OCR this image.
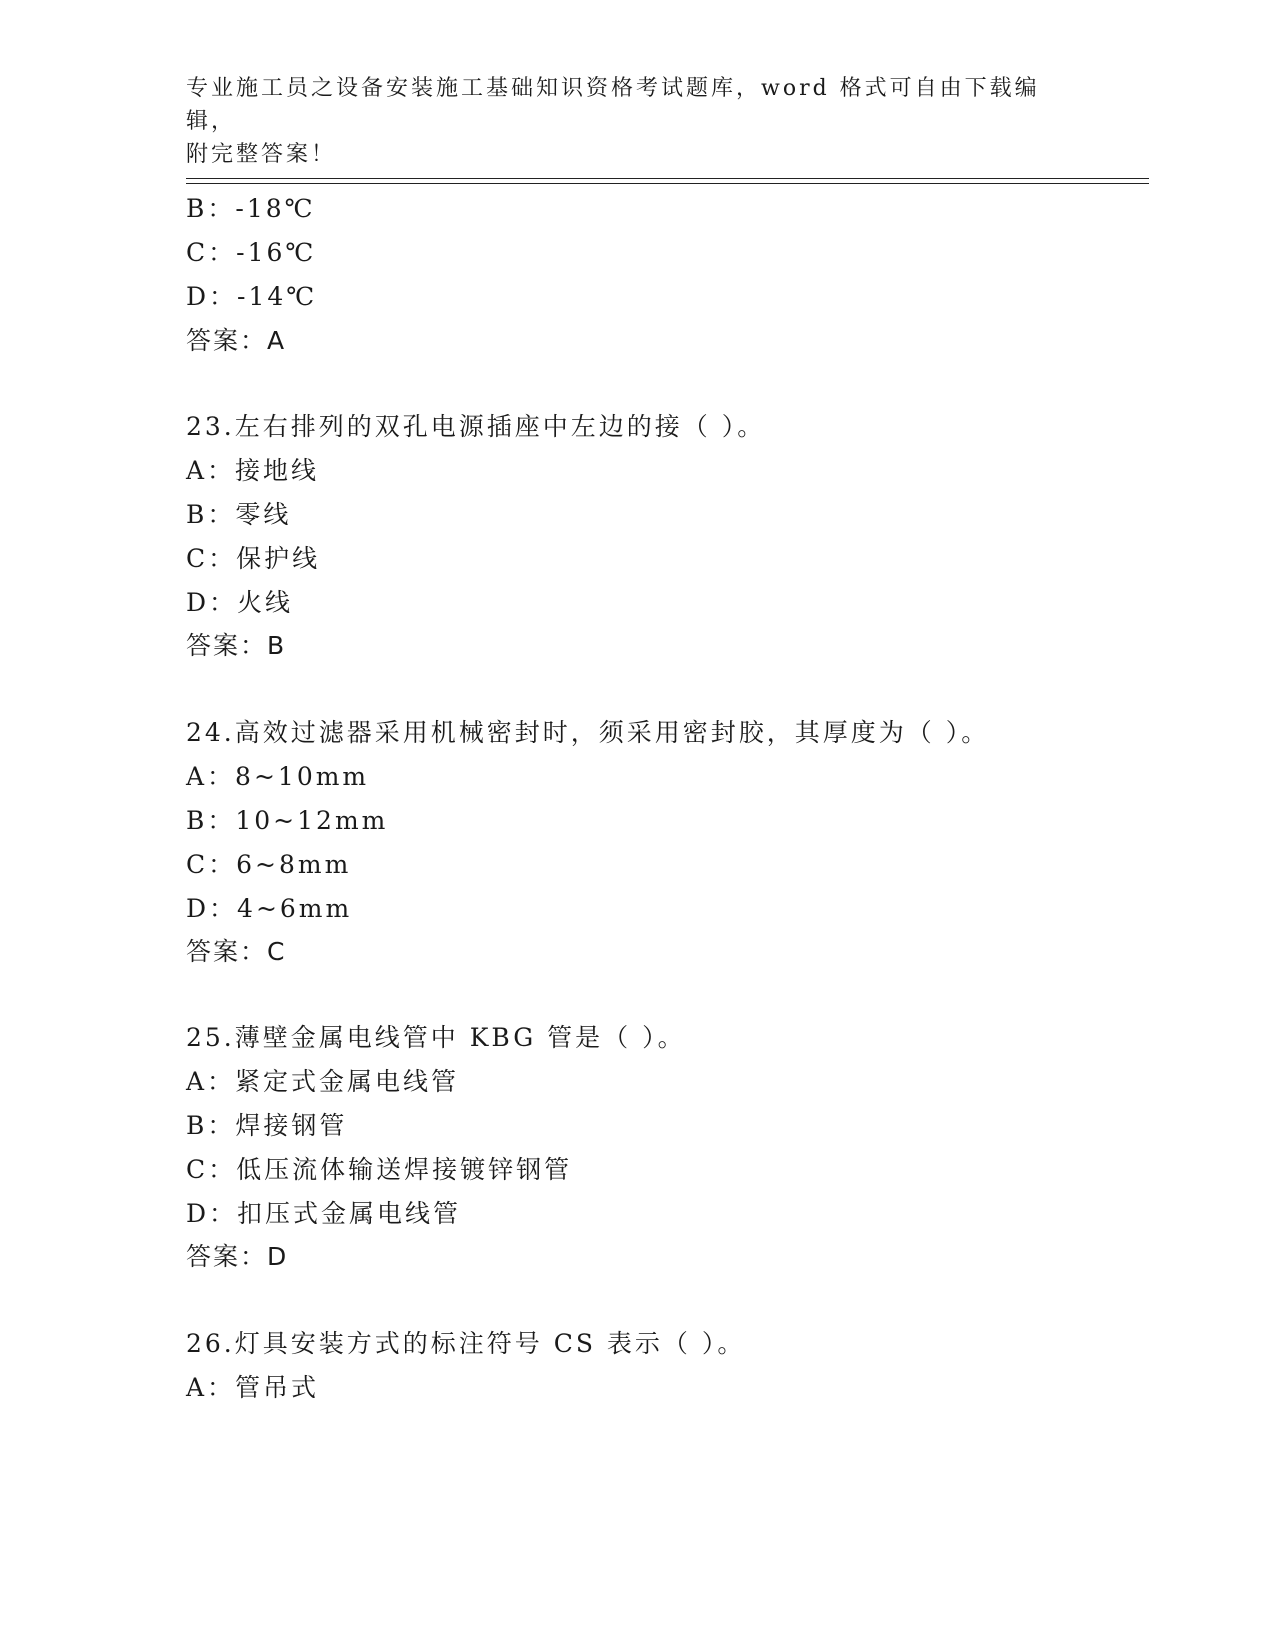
专业施工员之设备安装施工基础知识资格考试题库，word 格式可自由下载编辑，
附完整答案！
B：-18℃
C：-16℃
D：-14℃
答案：A
23.左右排列的双孔电源插座中左边的接（ ）。
A：接地线
B：零线
C：保护线
D：火线
答案：B
24.高效过滤器采用机械密封时，须采用密封胶，其厚度为（ ）。
A：8~10mm
B：10~12mm
C：6~8mm
D：4~6mm
答案：C
25.薄壁金属电线管中 KBG 管是（ ）。
A：紧定式金属电线管
B：焊接钢管
C：低压流体输送焊接镀锌钢管
D：扣压式金属电线管
答案：D
26.灯具安装方式的标注符号 CS 表示（ ）。
A：管吊式
